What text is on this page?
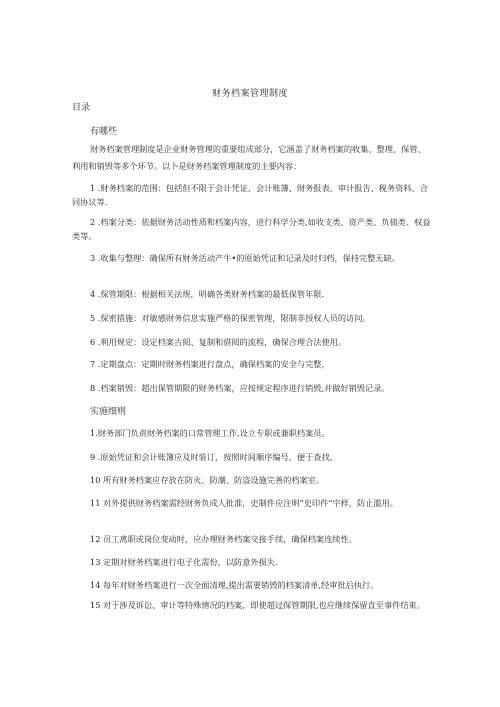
财务档案管理制度
目录
有哪些
财务档案管理制度是企业财务管理的重要组成部分，它涵盖了财务档案的收集、整理、保管、利用和销毁等多个环节。以卜是财务档案管理制度的主要内容：
1 .财务档案的范围：包括但不限于会计凭证、会计账簿、财务报表、审计报告、税务资料、合同协议等.
2 .档案分类：依据财务活动性质和档案内容，进行科学分类,如收支类、资产类、负债类、权益类等。
3 .收集与整理：确保所有财务活动产牛•的原始凭证和记录及时归档，保持完整无缺。
4 .保管期限：根据相关法规，明确各类财务档案的最低保管年限.
5 .保密措施：对敏感财务信息实施严格的保密管理，限制非授权人员的访问。
6 .利用规定：设定档案古阅、复制和借阅的流程，确保合理合法使用。
7 .定期盘点：定期时财务档案进行盘点，确保档案的安全与完整，
8 .档案销毁：超出保管期限的财务档案，应按规定程序进行销毁,并做好销毁记录。
实施细则
1.财务部门负责财务档案的口常管理工作,设立专职或兼职档案员。
9 .原始凭证和会计账簿应及时装订，按照时间顺序编号，便于查找。
10 所有财务档案应存放在防火、防潮、防盗设施完善的档案室。
11 对外提供财务档案需经财务负成人批准，史制件应注明“史印件”字样，防止滥用。
12 员工离职或岗位变动时，应办理财务档案交接手续，确保档案连续性。
13 定期对财务档案进行电子化需份，以防意外损失.
14 每年对财务档案进行一次全面清理,提出需要销毁的档案清单,经审批后执行。
15 对于涉及诉讼、审计等特殊情况的档案，即使超过保管期限,也应继续保留直至事件结束。
